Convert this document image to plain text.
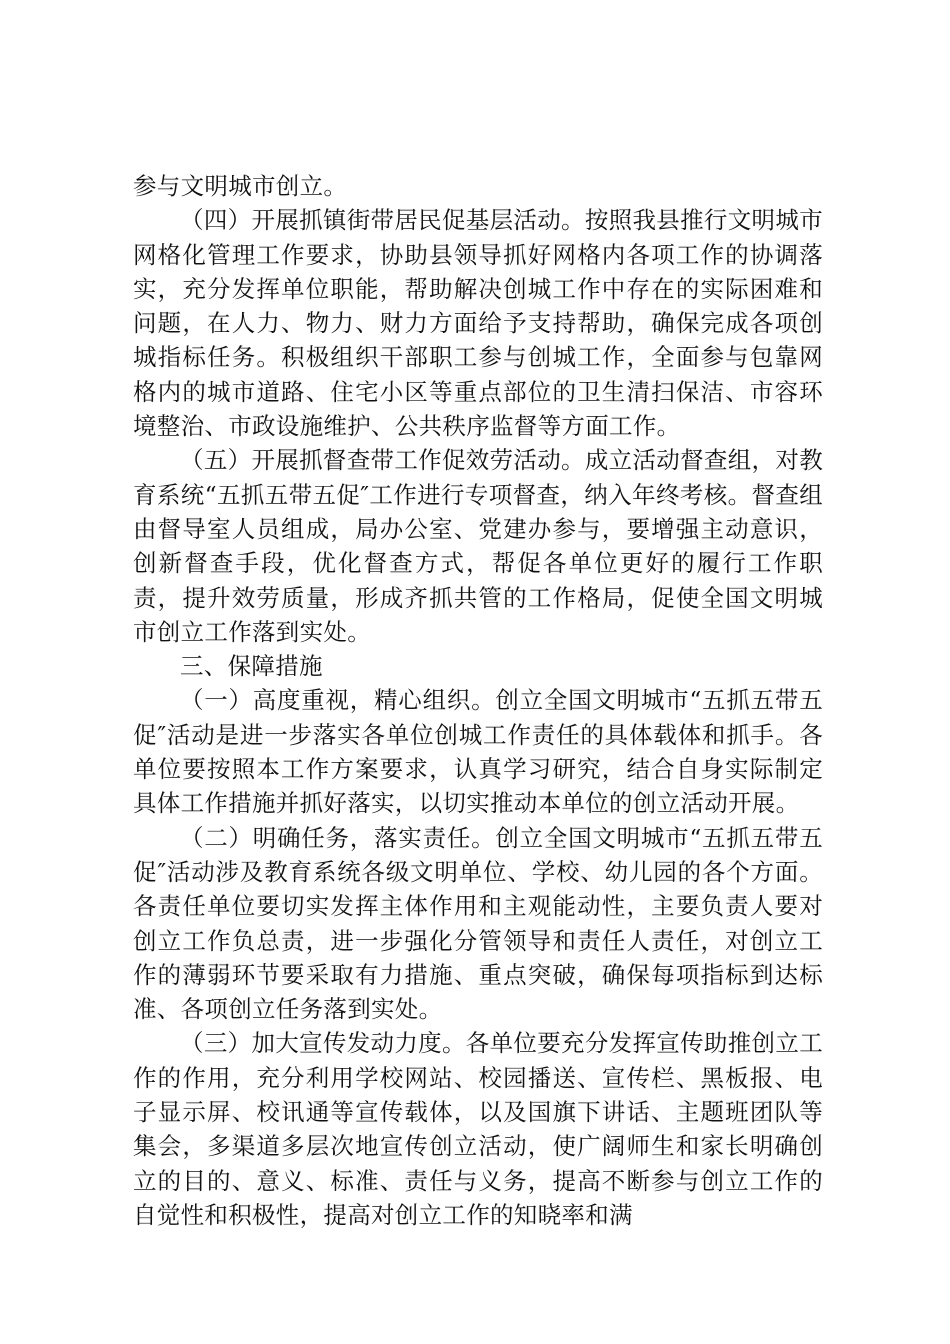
参与文明城市创立。

（四）开展抓镇街带居民促基层活动。按照我县推行文明城市网格化管理工作要求，协助县领导抓好网格内各项工作的协调落实，充分发挥单位职能，帮助解决创城工作中存在的实际困难和问题，在人力、物力、财力方面给予支持帮助，确保完成各项创城指标任务。积极组织干部职工参与创城工作，全面参与包靠网格内的城市道路、住宅小区等重点部位的卫生清扫保洁、市容环境整治、市政设施维护、公共秩序监督等方面工作。

（五）开展抓督查带工作促效劳活动。成立活动督查组，对教育系统“五抓五带五促″工作进行专项督查，纳入年终考核。督查组由督导室人员组成，局办公室、党建办参与，要增强主动意识，创新督查手段，优化督查方式，帮促各单位更好的履行工作职责，提升效劳质量，形成齐抓共管的工作格局，促使全国文明城市创立工作落到实处。

三、保障措施

（一）高度重视，精心组织。创立全国文明城市“五抓五带五促″活动是进一步落实各单位创城工作责任的具体载体和抓手。各单位要按照本工作方案要求，认真学习研究，结合自身实际制定具体工作措施并抓好落实，以切实推动本单位的创立活动开展。

（二）明确任务，落实责任。创立全国文明城市“五抓五带五促″活动涉及教育系统各级文明单位、学校、幼儿园的各个方面。各责任单位要切实发挥主体作用和主观能动性，主要负责人要对创立工作负总责，进一步强化分管领导和责任人责任，对创立工作的薄弱环节要采取有力措施、重点突破，确保每项指标到达标准、各项创立任务落到实处。

（三）加大宣传发动力度。各单位要充分发挥宣传助推创立工作的作用，充分利用学校网站、校园播送、宣传栏、黑板报、电子显示屏、校讯通等宣传载体，以及国旗下讲话、主题班团队等集会，多渠道多层次地宣传创立活动，使广阔师生和家长明确创立的目的、意义、标准、责任与义务，提高不断参与创立工作的自觉性和积极性，提高对创立工作的知晓率和满
